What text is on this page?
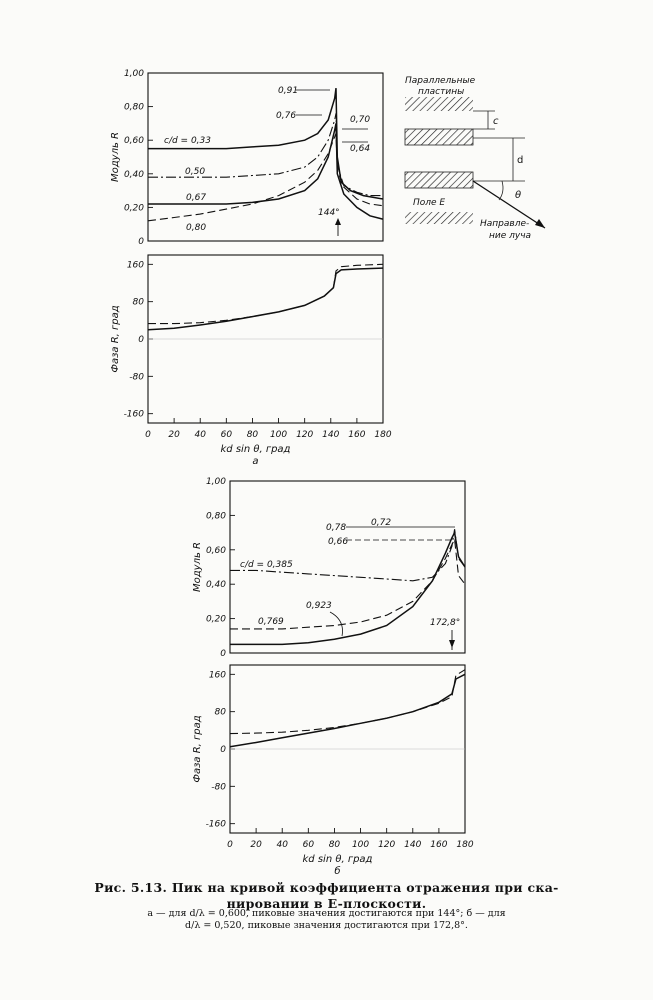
Параллельные
пластины
c
d
θ
Поле E
Направле-
ние луча
1,00
0,80
0,60
0,40
0,20
0
Модуль R
160
80
0
-80
-160
0 20 40 60 80 100 120 140 160 180
Фаза R, град
kd sin θ, град
а
1,00
0,80
0,60
0,40
0,20
0
Модуль R
160
80
0
-80
-160
0 20 40 60 80 100 120 140 160 180
Фаза R, град
kd sin θ, град
б
c/d = 0,33
0,50
0,67
0,80
0,91
0,76	0,70
0,64
144°
c/d = 0,385
0,769
0,923
0,78	0,72
0,66
172,8°
Рис. 5.13. Пик на кривой коэффициента отражения при ска-
нировании в E-плоскости.
а — для d/λ = 0,600, пиковые значения достигаются при 144°; б — для
d/λ = 0,520, пиковые значения достигаются при 172,8°.
